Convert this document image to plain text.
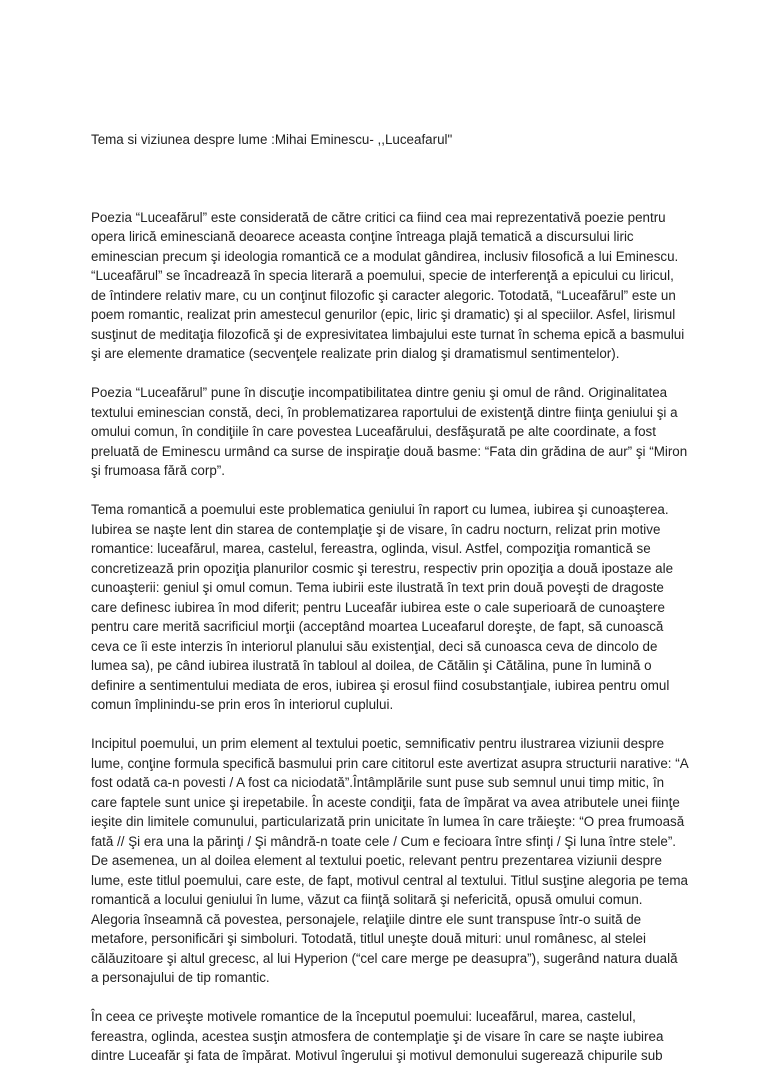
Tema si viziunea despre lume :Mihai Eminescu- ,,Luceafarul"

Poezia “Luceafărul” este considerată de către critici ca fiind cea mai reprezentativă poezie pentru
opera lirică eminesciană deoarece aceasta conţine întreaga plajă tematică a discursului liric
eminescian precum şi ideologia romantică ce a modulat gândirea, inclusiv filosofică a lui Eminescu.
“Luceafărul” se încadrează în specia literară a poemului, specie de interferenţă a epicului cu liricul,
de întindere relativ mare, cu un conţinut filozofic şi caracter alegoric. Totodată, “Luceafărul” este un
poem romantic, realizat prin amestecul genurilor (epic, liric şi dramatic) şi al speciilor. Asfel, lirismul
susţinut de meditaţia filozofică şi de expresivitatea limbajului este turnat în schema epică a basmului
şi are elemente dramatice (secvenţele realizate prin dialog şi dramatismul sentimentelor).

Poezia “Luceafărul” pune în discuţie incompatibilitatea dintre geniu şi omul de rând. Originalitatea
textului eminescian constă, deci, în problematizarea raportului de existenţă dintre fiinţa geniului şi a
omului comun, în condiţiile în care povestea Luceafărului, desfăşurată pe alte coordinate, a fost
preluată de Eminescu urmând ca surse de inspiraţie două basme: “Fata din grădina de aur” şi “Miron
şi frumoasa fără corp”.

Tema romantică a poemului este problematica geniului în raport cu lumea, iubirea şi cunoaşterea.
Iubirea se naşte lent din starea de contemplaţie şi de visare, în cadru nocturn, relizat prin motive
romantice: luceafărul, marea, castelul, fereastra, oglinda, visul. Astfel, compoziţia romantică se
concretizează prin opoziţia planurilor cosmic şi terestru, respectiv prin opoziţia a două ipostaze ale
cunoaşterii: geniul şi omul comun. Tema iubirii este ilustrată în text prin două poveşti de dragoste
care definesc iubirea în mod diferit; pentru Luceafăr iubirea este o cale superioară de cunoaştere
pentru care merită sacrificiul morţii (acceptând moartea Luceafarul doreşte, de fapt, să cunoască
ceva ce îi este interzis în interiorul planului său existenţial, deci să cunoasca ceva de dincolo de
lumea sa), pe când iubirea ilustrată în tabloul al doilea, de Cătălin şi Cătălina, pune în lumină o
definire a sentimentului mediata de eros, iubirea şi erosul fiind cosubstanţiale, iubirea pentru omul
comun împlinindu-se prin eros în interiorul cuplului.

Incipitul poemului, un prim element al textului poetic, semnificativ pentru ilustrarea viziunii despre
lume, conţine formula specifică basmului prin care cititorul este avertizat asupra structurii narative: “A
fost odată ca-n povesti / A fost ca niciodată”.Întâmplările sunt puse sub semnul unui timp mitic, în
care faptele sunt unice şi irepetabile. În aceste condiţii, fata de împărat va avea atributele unei fiinţe
ieşite din limitele comunului, particularizată prin unicitate în lumea în care trăieşte: “O prea frumoasă
fată // Şi era una la părinţi / Şi mândră-n toate cele / Cum e fecioara între sfinţi / Şi luna între stele”.
De asemenea, un al doilea element al textului poetic, relevant pentru prezentarea viziunii despre
lume, este titlul poemului, care este, de fapt, motivul central al textului. Titlul susţine alegoria pe tema
romantică a locului geniului în lume, văzut ca fiinţă solitară şi nefericită, opusă omului comun.
Alegoria înseamnă că povestea, personajele, relaţiile dintre ele sunt transpuse într-o suită de
metafore, personificări şi simboluri. Totodată, titlul uneşte două mituri: unul românesc, al stelei
călăuzitoare şi altul grecesc, al lui Hyperion (“cel care merge pe deasupra”), sugerând natura duală
a personajului de tip romantic.

În ceea ce priveşte motivele romantice de la începutul poemului: luceafărul, marea, castelul,
fereastra, oglinda, acestea susţin atmosfera de contemplaţie şi de visare în care se naşte iubirea
dintre Luceafăr şi fata de împărat. Motivul îngerului şi motivul demonului sugerează chipurile sub
